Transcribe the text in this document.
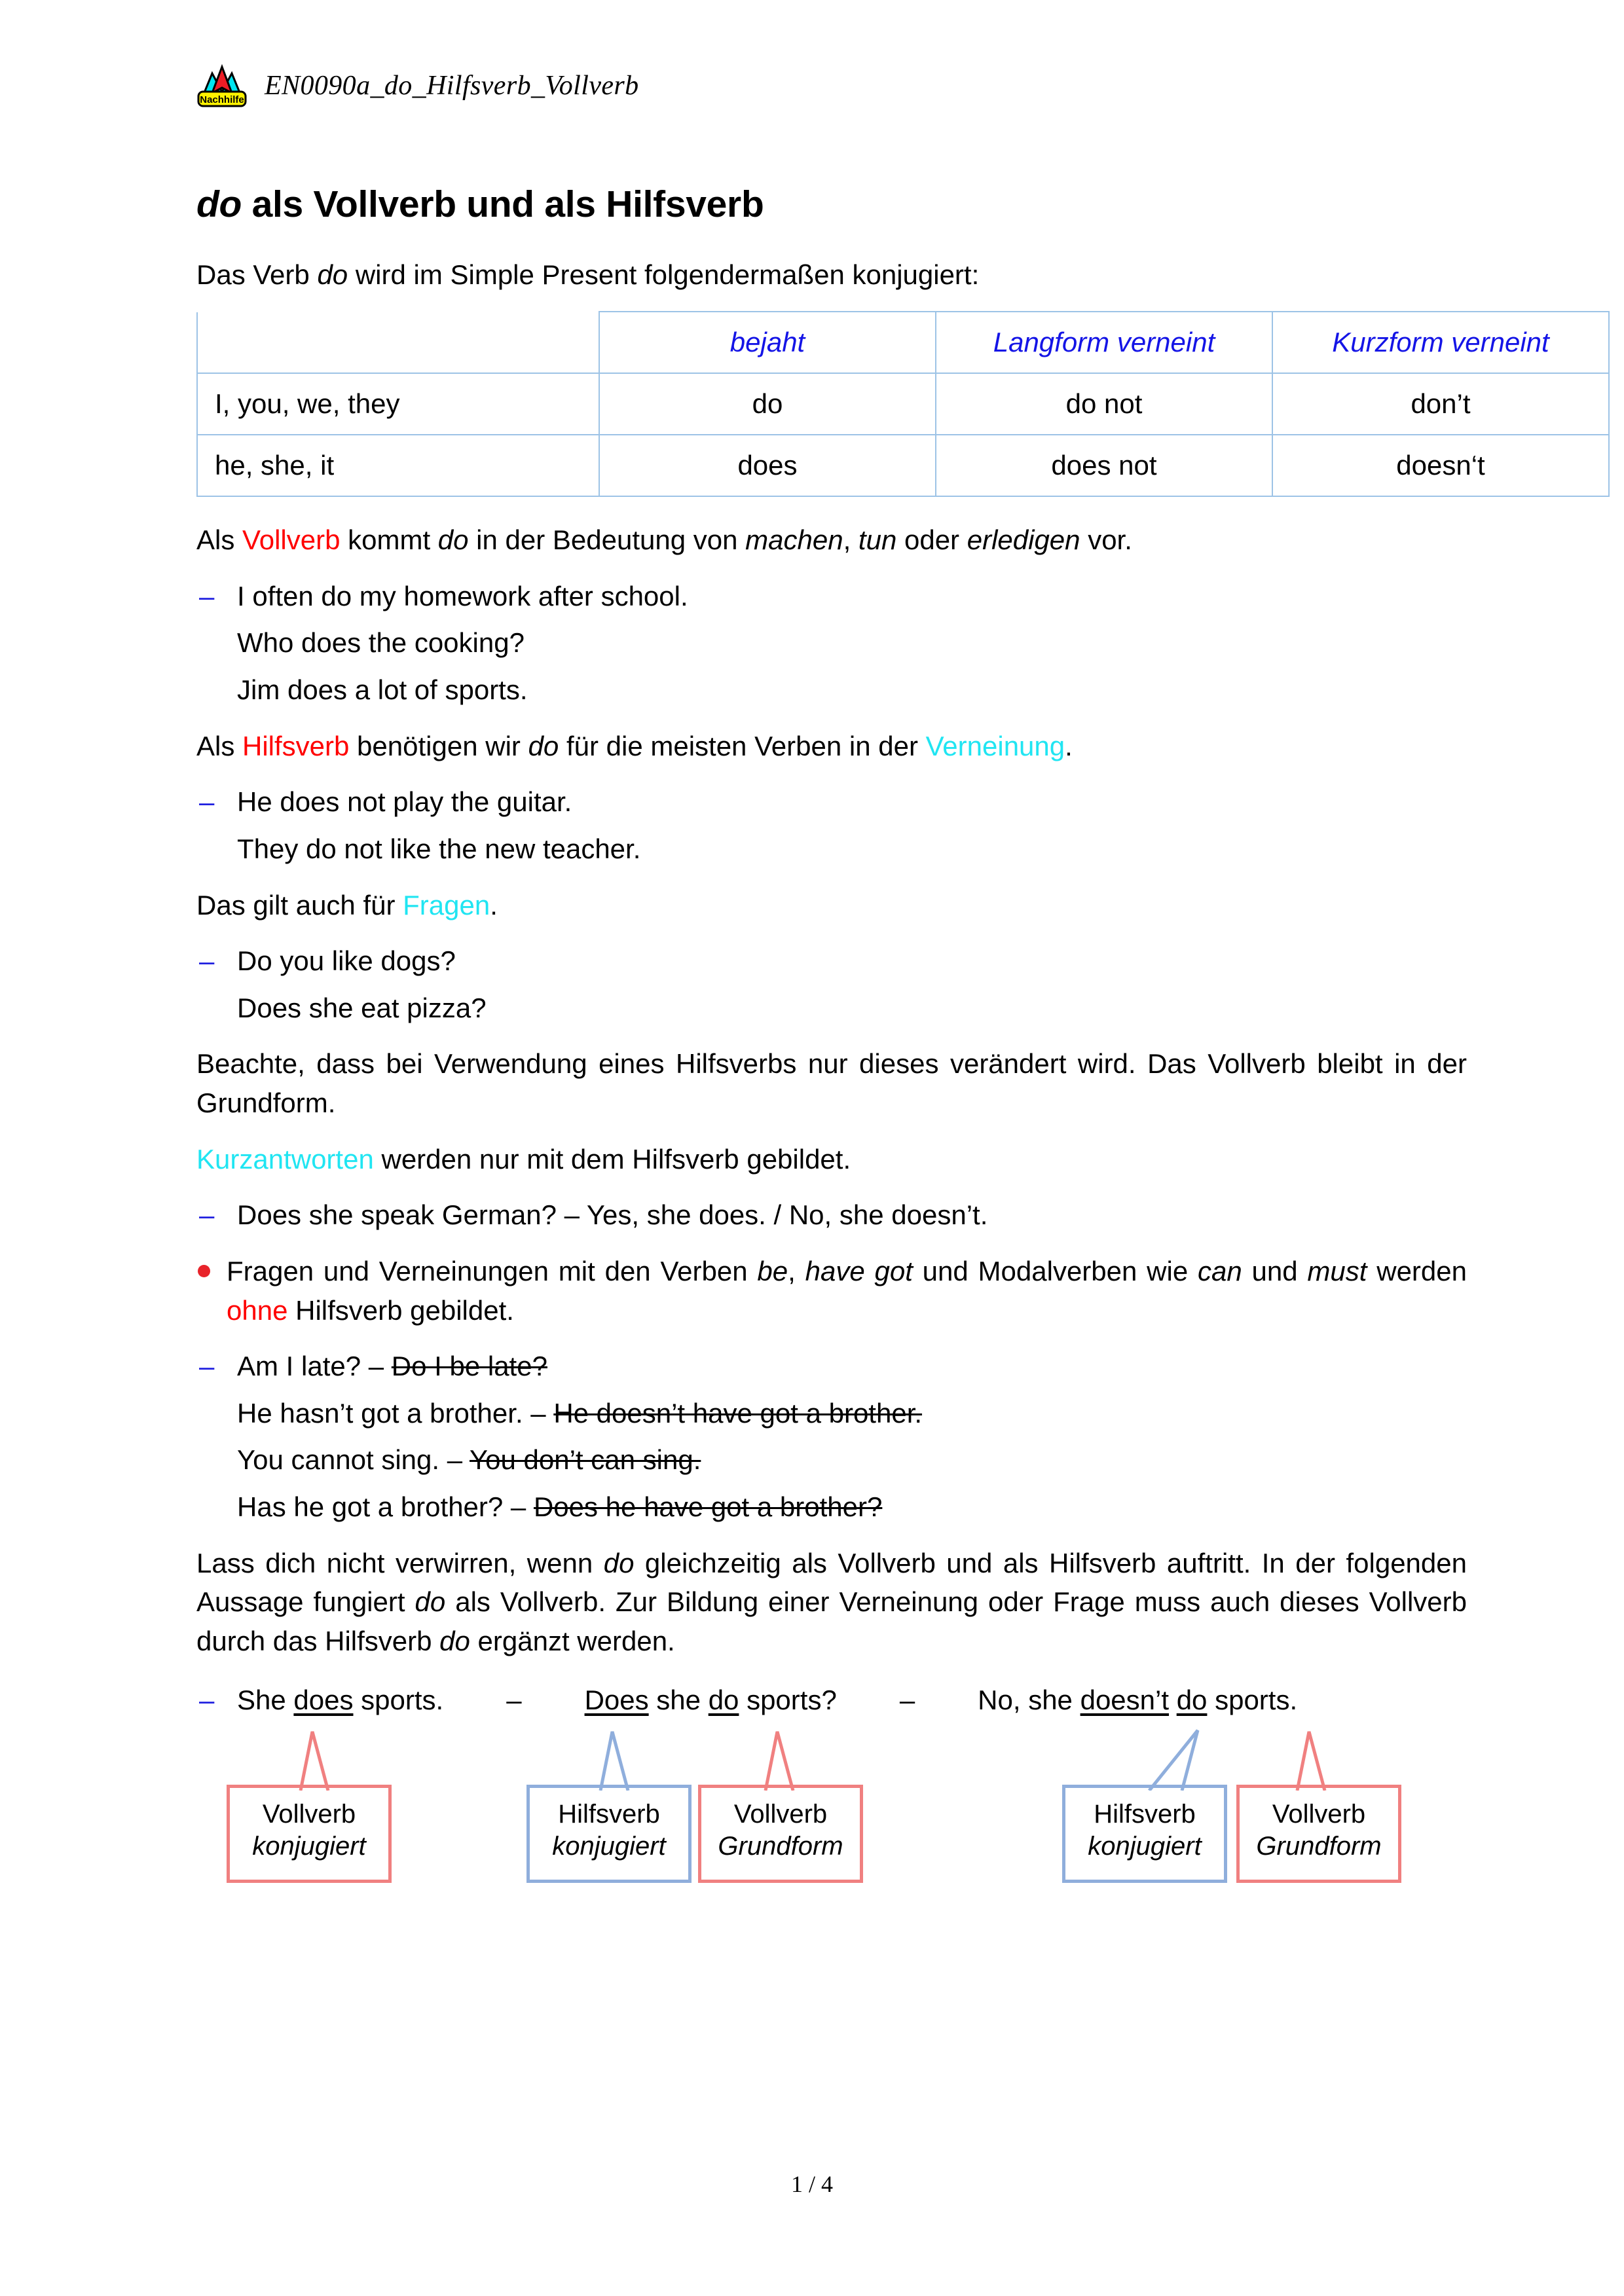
Nachhilfe EN0090a_do_Hilfsverb_Vollverb
do als Vollverb und als Hilfsverb

Das Verb do wird im Simple Present folgendermaßen konjugiert:

	bejaht	Langform verneint	Kurzform verneint
I, you, we, they	do	do not	don’t
he, she, it	does	does not	doesn‘t

Als Vollverb kommt do in der Bedeutung von machen, tun oder erledigen vor.

– I often do my homework after school.
Who does the cooking?
Jim does a lot of sports.

Als Hilfsverb benötigen wir do für die meisten Verben in der Verneinung.

– He does not play the guitar.
They do not like the new teacher.

Das gilt auch für Fragen.

– Do you like dogs?
Does she eat pizza?

Beachte, dass bei Verwendung eines Hilfsverbs nur dieses verändert wird. Das Vollverb bleibt in der Grundform.

Kurzantworten werden nur mit dem Hilfsverb gebildet.

– Does she speak German? – Yes, she does. / No, she doesn’t.

Fragen und Verneinungen mit den Verben be, have got und Modalverben wie can und must werden ohne Hilfsverb gebildet.

– Am I late? – Do I be late?
He hasn’t got a brother. – He doesn’t have got a brother.
You cannot sing. – You don’t can sing.
Has he got a brother? – Does he have got a brother?

Lass dich nicht verwirren, wenn do gleichzeitig als Vollverb und als Hilfsverb auftritt. In der folgenden Aussage fungiert do als Vollverb. Zur Bildung einer Verneinung oder Frage muss auch dieses Vollverb durch das Hilfsverb do ergänzt werden.

– She does sports. – Does she do sports? – No, she doesn’t do sports.

Vollverb
konjugiert
Hilfsverb
konjugiert
Vollverb
Grundform
Hilfsverb
konjugiert
Vollverb
Grundform
1 / 4
